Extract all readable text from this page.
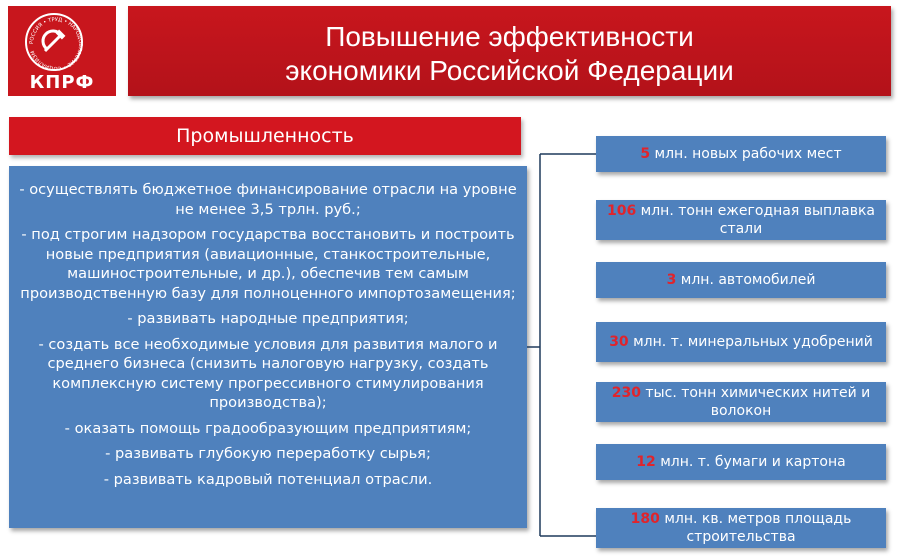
РОССИЯ • ТРУД • НАРОДОВЛАСТИЕ • СОЦИАЛИЗМ
КПРФ
Повышение эффективности
экономики Российской Федерации
Промышленность
- осуществлять бюджетное финансирование отрасли на уровне не менее 3,5 трлн. руб.;
- под строгим надзором государства восстановить и построить новые предприятия (авиационные, станкостроительные, машиностроительные, и др.), обеспечив тем самым производственную базу для полноценного импортозамещения;
- развивать народные предприятия;
- создать все необходимые условия для развития малого и среднего бизнеса (снизить налоговую нагрузку, создать комплексную систему прогрессивного стимулирования производства);
- оказать помощь градообразующим предприятиям;
- развивать глубокую переработку сырья;
- развивать кадровый потенциал отрасли.
5 млн. новых рабочих мест
106 млн. тонн ежегодная выплавка стали
3 млн. автомобилей
30 млн. т. минеральных удобрений
230 тыс. тонн химических нитей и волокон
12 млн. т. бумаги и картона
180 млн. кв. метров площадь строительства
